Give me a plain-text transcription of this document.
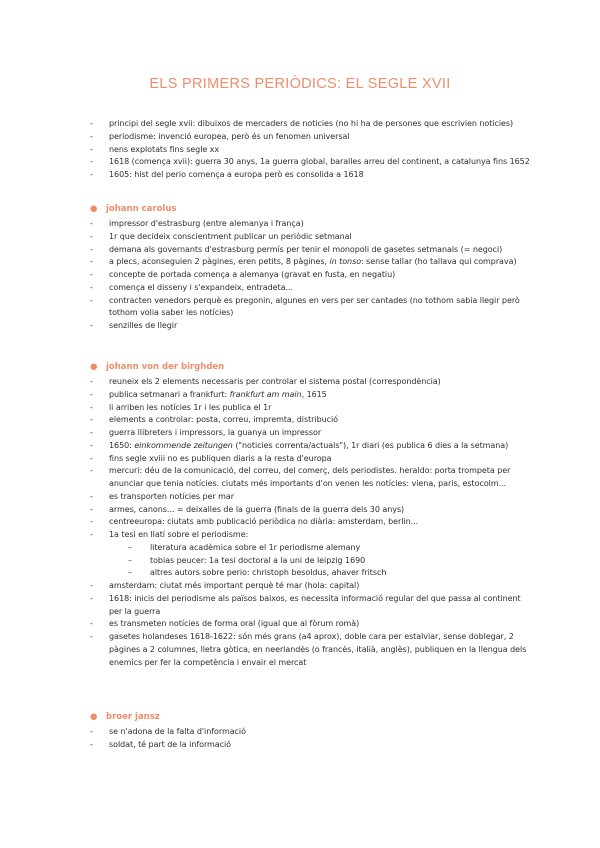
ELS PRIMERS PERIÒDICS: EL SEGLE XVII
- principi del segle xvii: dibuixos de mercaders de noticies (no hi ha de persones que escrivien noticies)
- periodisme: invenció europea, però és un fenomen universal
- nens explotats fins segle xx
- 1618 (comença xvii): guerra 30 anys, 1a guerra global, baralles arreu del continent, a catalunya fins 1652
- 1605: hist del perio comença a europa però es consolida a 1618
● johann carolus
- impressor d'estrasburg (entre alemanya i frança)
- 1r que decideix conscientment publicar un periòdic setmanal
- demana als governants d'estrasburg permís per tenir el monopoli de gasetes setmanals (= negoci)
- a plecs, aconseguien 2 pàgines, eren petits, 8 pàgines, in tonso: sense tallar (ho tallava qui comprava)
- concepte de portada comença a alemanya (gravat en fusta, en negatiu)
- comença el disseny i s'expandeix, entradeta...
- contracten venedors perquè es pregonin, algunes en vers per ser cantades (no tothom sabia llegir però tothom volia saber les notícies)
- senzilles de llegir
● johann von der birghden
- reuneix els 2 elements necessaris per controlar el sistema postal (correspondència)
- publica setmanari a frankfurt: frankfurt am main, 1615
- li arriben les notícies 1r i les publica el 1r
- elements a controlar: posta, correu, impremta, distribució
- guerra llibreters i impressors, la guanya un impressor
- 1650: einkommende zeitungen ("noticies correnta/actuals"), 1r diari (es publica 6 dies a la setmana)
- fins segle xviii no es publiquen diaris a la resta d'europa
- mercuri: déu de la comunicació, del correu, del comerç, dels periodistes. heraldo: porta trompeta per anunciar que tenia notícies. ciutats més importants d'on venen les notícies: viena, paris, estocolm...
- es transporten notícies per mar
- armes, canons... = deixalles de la guerra (finals de la guerra dels 30 anys)
- centreeuropa: ciutats amb publicació periòdica no diària: amsterdam, berlin...
- 1a tesi en llatí sobre el periodisme:
– literatura acadèmica sobre el 1r periodisme alemany
– tobias peucer: 1a tesi doctoral a la uni de leipzig 1690
– altres autors sobre perio: christoph besoldus, ahaver fritsch
- amsterdam: ciutat més important perquè té mar (hola: capital)
- 1618: inicis del periodisme als països baixos, es necessita informació regular del que passa al continent per la guerra
- es transmeten notícies de forma oral (igual que al fòrum romà)
- gasetes holandeses 1618-1622: són més grans (a4 aprox), doble cara per estalviar, sense doblegar, 2 pàgines a 2 columnes, lletra gòtica, en neerlandès (o francès, italià, anglès), publiquen en la llengua dels enemics per fer la competència i envair el mercat
● broer jansz
- se n'adona de la falta d'informació
- soldat, té part de la informació
